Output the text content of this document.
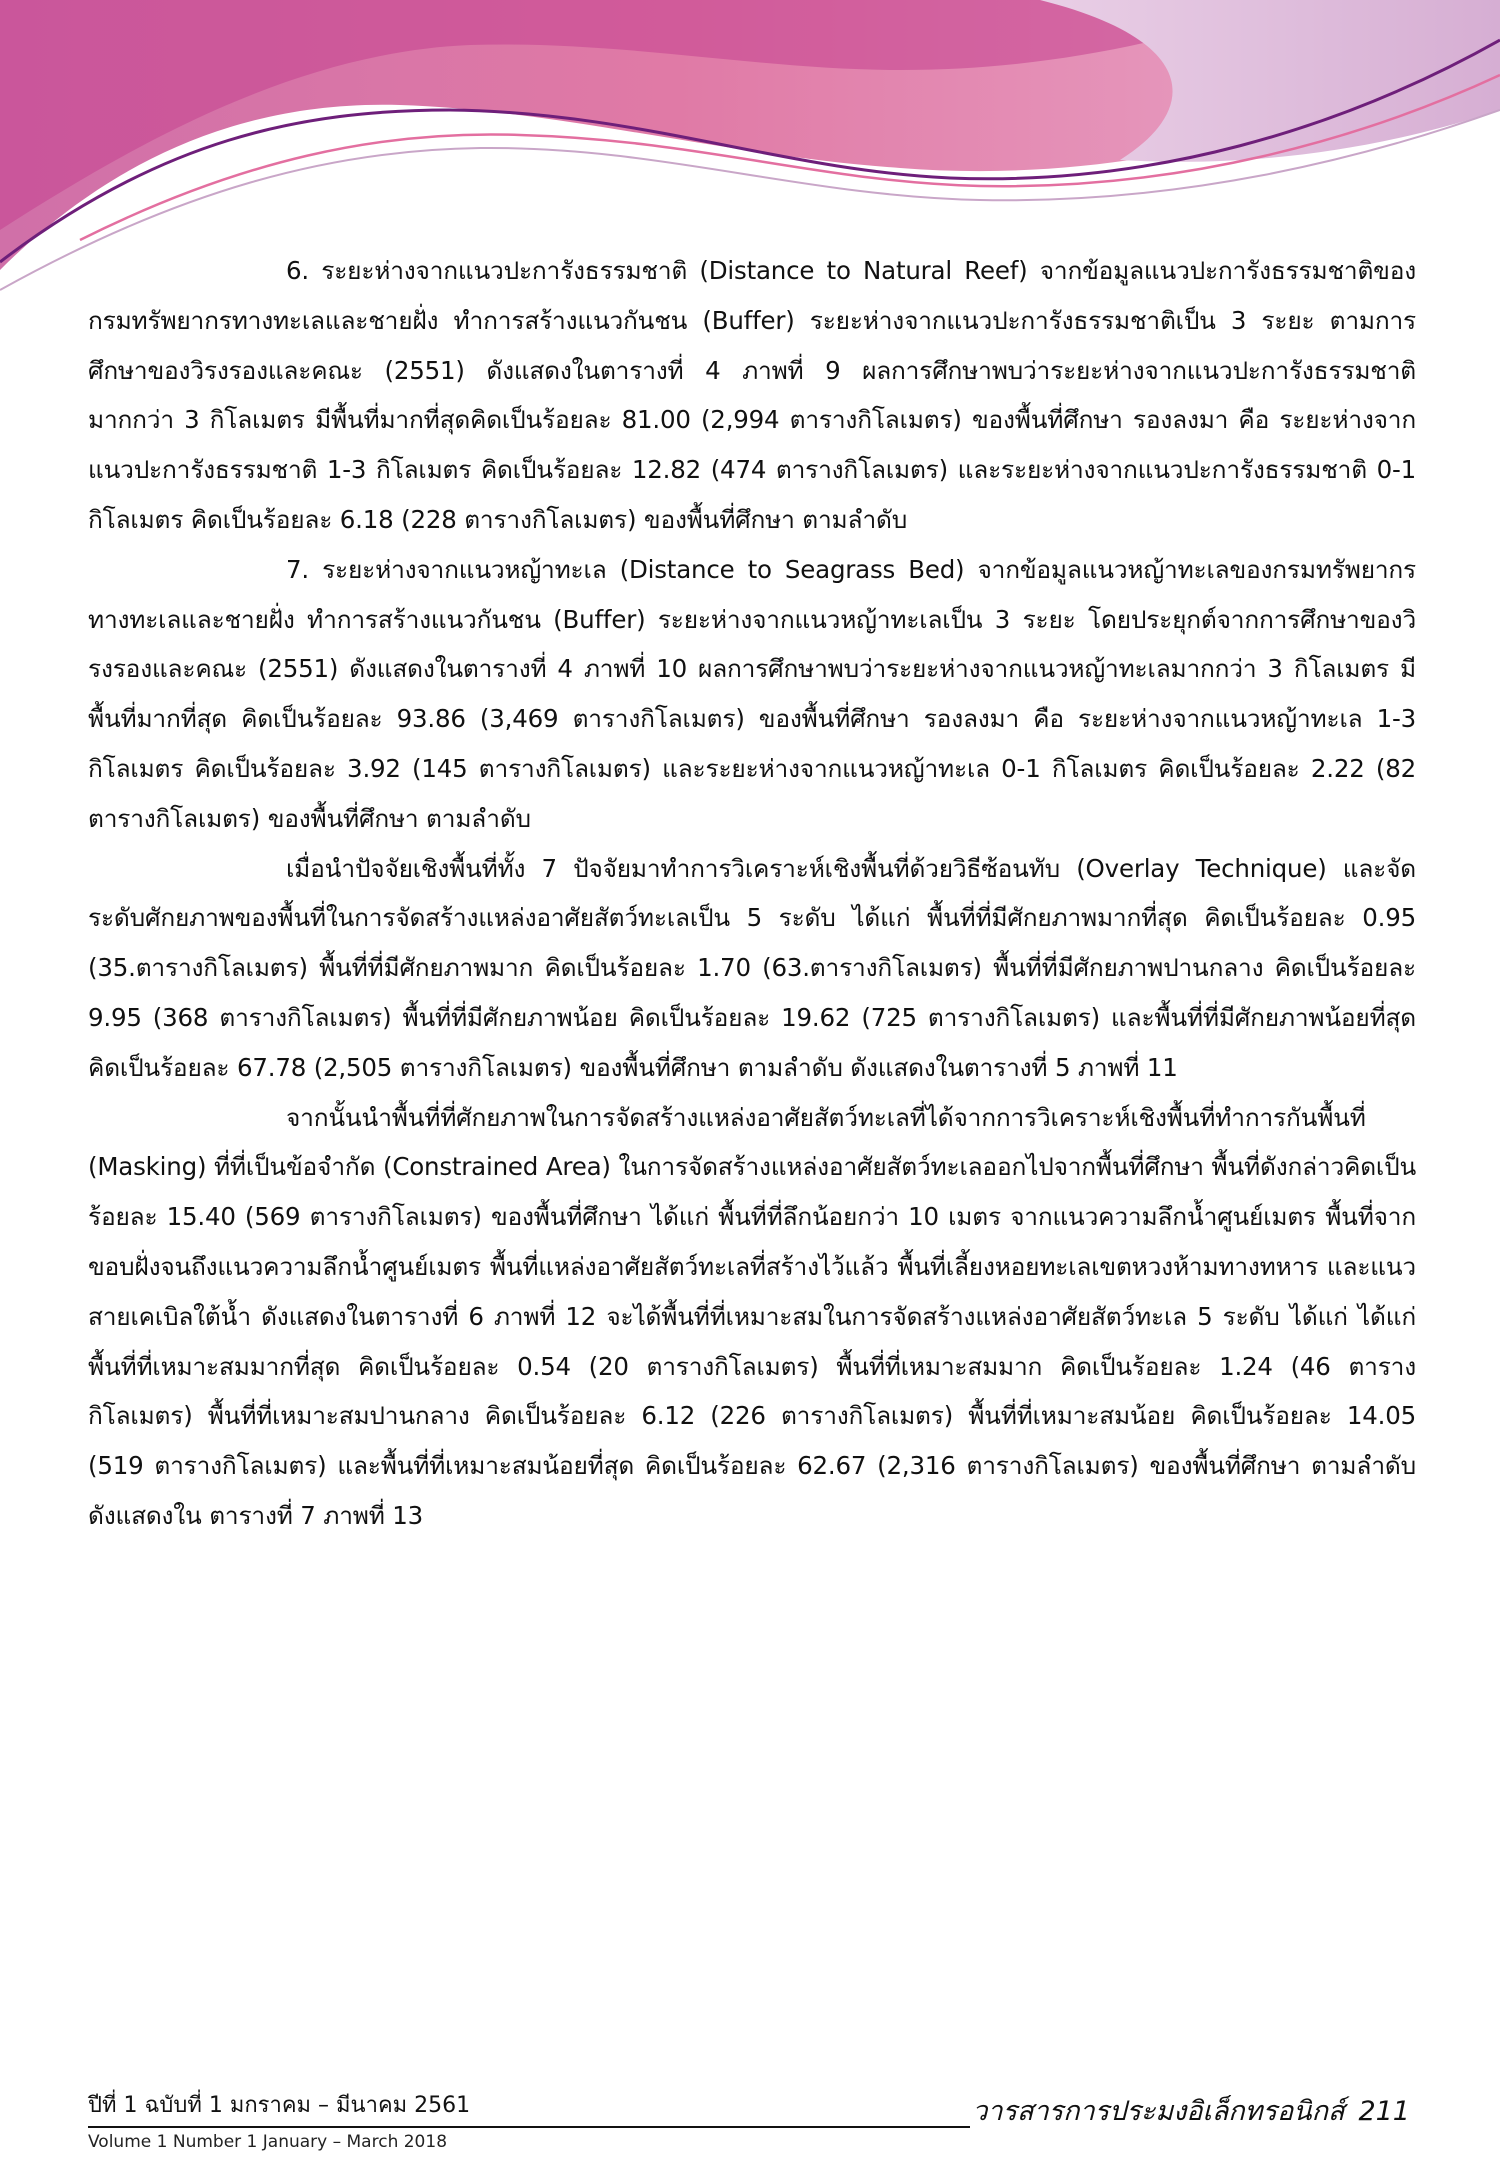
6. ระยะห่างจากแนวปะการังธรรมชาติ (Distance to Natural Reef) จากข้อมูลแนวปะการังธรรมชาติของกรมทรัพยากรทางทะเลและชายฝั่ง ทำการสร้างแนวกันชน (Buffer) ระยะห่างจากแนวปะการังธรรมชาติเป็น 3 ระยะ ตามการศึกษาของวิรงรองและคณะ (2551) ดังแสดงในตารางที่ 4 ภาพที่ 9 ผลการศึกษาพบว่าระยะห่างจากแนวปะการังธรรมชาติมากกว่า 3 กิโลเมตร มีพื้นที่มากที่สุดคิดเป็นร้อยละ 81.00 (2,994 ตารางกิโลเมตร) ของพื้นที่ศึกษา รองลงมา คือ ระยะห่างจากแนวปะการังธรรมชาติ 1-3 กิโลเมตร คิดเป็นร้อยละ 12.82 (474 ตารางกิโลเมตร) และระยะห่างจากแนวปะการังธรรมชาติ 0-1 กิโลเมตร คิดเป็นร้อยละ 6.18 (228 ตารางกิโลเมตร) ของพื้นที่ศึกษา ตามลำดับ

7. ระยะห่างจากแนวหญ้าทะเล (Distance to Seagrass Bed) จากข้อมูลแนวหญ้าทะเลของกรมทรัพยากรทางทะเลและชายฝั่ง ทำการสร้างแนวกันชน (Buffer) ระยะห่างจากแนวหญ้าทะเลเป็น 3 ระยะ โดยประยุกต์จากการศึกษาของวิรงรองและคณะ (2551) ดังแสดงในตารางที่ 4 ภาพที่ 10 ผลการศึกษาพบว่าระยะห่างจากแนวหญ้าทะเลมากกว่า 3 กิโลเมตร มีพื้นที่มากที่สุด คิดเป็นร้อยละ 93.86 (3,469 ตารางกิโลเมตร) ของพื้นที่ศึกษา รองลงมา คือ ระยะห่างจากแนวหญ้าทะเล 1-3 กิโลเมตร คิดเป็นร้อยละ 3.92 (145 ตารางกิโลเมตร) และระยะห่างจากแนวหญ้าทะเล 0-1 กิโลเมตร คิดเป็นร้อยละ 2.22 (82 ตารางกิโลเมตร) ของพื้นที่ศึกษา ตามลำดับ

เมื่อนำปัจจัยเชิงพื้นที่ทั้ง 7 ปัจจัยมาทำการวิเคราะห์เชิงพื้นที่ด้วยวิธีซ้อนทับ (Overlay Technique) และจัดระดับศักยภาพของพื้นที่ในการจัดสร้างแหล่งอาศัยสัตว์ทะเลเป็น 5 ระดับ ได้แก่ พื้นที่ที่มีศักยภาพมากที่สุด คิดเป็นร้อยละ 0.95 (35.ตารางกิโลเมตร) พื้นที่ที่มีศักยภาพมาก คิดเป็นร้อยละ 1.70 (63.ตารางกิโลเมตร) พื้นที่ที่มีศักยภาพปานกลาง คิดเป็นร้อยละ 9.95 (368 ตารางกิโลเมตร) พื้นที่ที่มีศักยภาพน้อย คิดเป็นร้อยละ 19.62 (725 ตารางกิโลเมตร) และพื้นที่ที่มีศักยภาพน้อยที่สุด คิดเป็นร้อยละ 67.78 (2,505 ตารางกิโลเมตร) ของพื้นที่ศึกษา ตามลำดับ ดังแสดงในตารางที่ 5 ภาพที่ 11

จากนั้นนำพื้นที่ที่ศักยภาพในการจัดสร้างแหล่งอาศัยสัตว์ทะเลที่ได้จากการวิเคราะห์เชิงพื้นที่ทำการกันพื้นที่ (Masking) ที่ที่เป็นข้อจำกัด (Constrained Area) ในการจัดสร้างแหล่งอาศัยสัตว์ทะเลออกไปจากพื้นที่ศึกษา พื้นที่ดังกล่าวคิดเป็นร้อยละ 15.40 (569 ตารางกิโลเมตร) ของพื้นที่ศึกษา ได้แก่ พื้นที่ที่ลึกน้อยกว่า 10 เมตร จากแนวความลึกน้ำศูนย์เมตร พื้นที่จากขอบฝั่งจนถึงแนวความลึกน้ำศูนย์เมตร พื้นที่แหล่งอาศัยสัตว์ทะเลที่สร้างไว้แล้ว พื้นที่เลี้ยงหอยทะเลเขตหวงห้ามทางทหาร และแนวสายเคเบิลใต้น้ำ ดังแสดงในตารางที่ 6 ภาพที่ 12 จะได้พื้นที่ที่เหมาะสมในการจัดสร้างแหล่งอาศัยสัตว์ทะเล 5 ระดับ ได้แก่ ได้แก่ พื้นที่ที่เหมาะสมมากที่สุด คิดเป็นร้อยละ 0.54 (20 ตารางกิโลเมตร) พื้นที่ที่เหมาะสมมาก คิดเป็นร้อยละ 1.24 (46 ตารางกิโลเมตร) พื้นที่ที่เหมาะสมปานกลาง คิดเป็นร้อยละ 6.12 (226 ตารางกิโลเมตร) พื้นที่ที่เหมาะสมน้อย คิดเป็นร้อยละ 14.05 (519 ตารางกิโลเมตร) และพื้นที่ที่เหมาะสมน้อยที่สุด คิดเป็นร้อยละ 62.67 (2,316 ตารางกิโลเมตร) ของพื้นที่ศึกษา ตามลำดับดังแสดงใน ตารางที่ 7 ภาพที่ 13

ปีที่ 1 ฉบับที่ 1 มกราคม – มีนาคม 2561
Volume 1 Number 1 January – March 2018
วารสารการประมงอิเล็กทรอนิกส์ 211
